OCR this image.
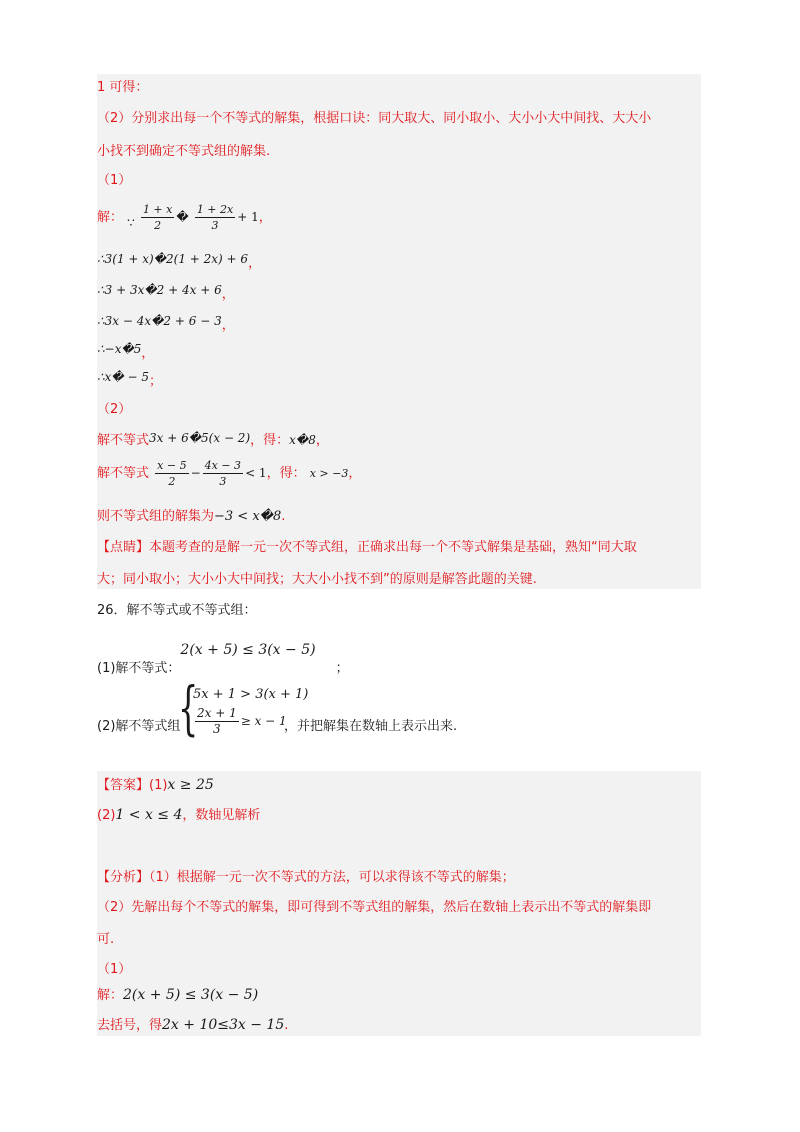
1 可得：
（2）分别求出每一个不等式的解集，根据口诀：同大取大、同小取小、大小小大中间找、大大小
小找不到确定不等式组的解集.
（1）
解： ∵ $\frac{1 + x}{2}$ � $\frac{1 + 2x}{3} + 1$，
∴3(1 + x)�2(1 + 2x) + 6，
∴3 + 3x�2 + 4x + 6，
∴3x − 4x�2 + 6 − 3，
∴−x�5，
∴x� − 5；
（2）
解不等式3x + 6�5(x − 2)，得：x�8，
解不等式 $\frac{x - 5}{2} - \frac{4x - 3}{3} < 1$，得： x > −3，
则不等式组的解集为−3 < x�8.
【点睛】本题考查的是解一元一次不等式组，正确求出每一个不等式解集是基础，熟知“同大取
大；同小取小；大小小大中间找；大大小小找不到”的原则是解答此题的关键.
26．解不等式或不等式组：
(1)解不等式：2(x + 5) ≤ 3(x − 5)；
(2)解不等式组
{
5x + 1 > 3(x + 1)
$\frac{2x + 1}{3} \ge x - 1$
，并把解集在数轴上表示出来.
【答案】(1)x ≥ 25
(2)1 < x ≤ 4，数轴见解析
【分析】（1）根据解一元一次不等式的方法，可以求得该不等式的解集；
（2）先解出每个不等式的解集，即可得到不等式组的解集，然后在数轴上表示出不等式的解集即
可.
（1）
解：2(x + 5) ≤ 3(x − 5)
去括号，得2x + 10≤3x − 15.
